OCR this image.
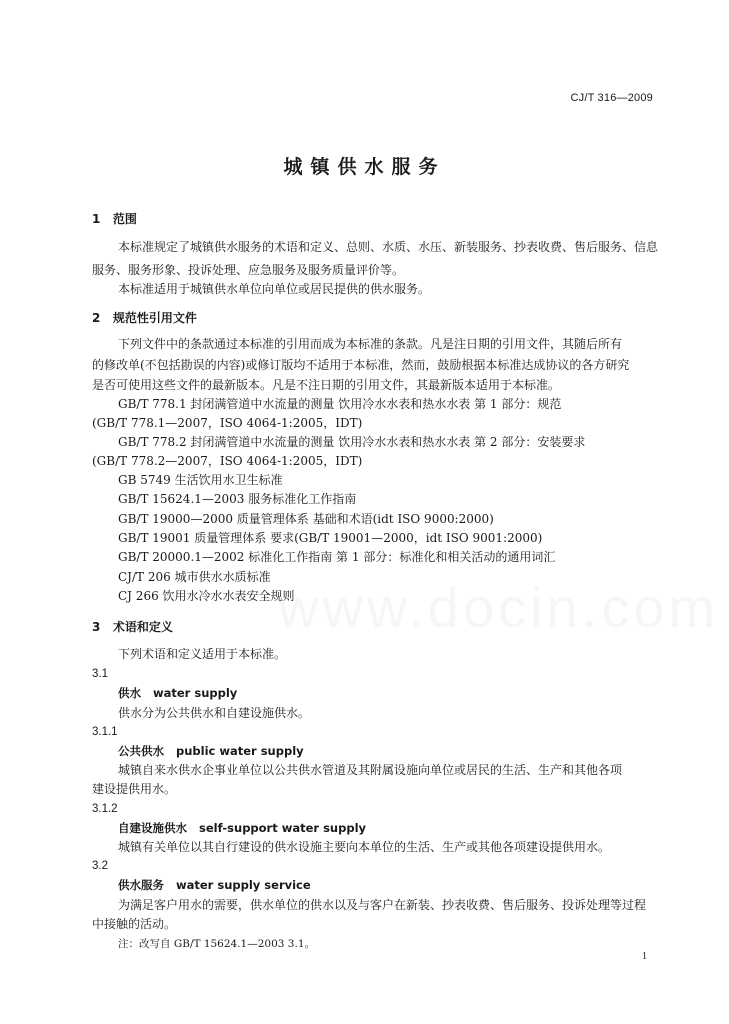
www.docin.com
CJ/T 316—2009
城镇供水服务
1 范围
本标准规定了城镇供水服务的术语和定义、总则、水质、水压、新装服务、抄表收费、售后服务、信息
服务、服务形象、投诉处理、应急服务及服务质量评价等。
本标准适用于城镇供水单位向单位或居民提供的供水服务。
2 规范性引用文件
下列文件中的条款通过本标准的引用而成为本标准的条款。凡是注日期的引用文件，其随后所有
的修改单(不包括勘误的内容)或修订版均不适用于本标准，然而，鼓励根据本标准达成协议的各方研究
是否可使用这些文件的最新版本。凡是不注日期的引用文件，其最新版本适用于本标准。
GB/T 778.1 封闭满管道中水流量的测量 饮用冷水水表和热水水表 第 1 部分：规范
(GB/T 778.1—2007，ISO 4064-1:2005，IDT)
GB/T 778.2 封闭满管道中水流量的测量 饮用冷水水表和热水水表 第 2 部分：安装要求
(GB/T 778.2—2007，ISO 4064-1:2005，IDT)
GB 5749 生活饮用水卫生标准
GB/T 15624.1—2003 服务标准化工作指南
GB/T 19000—2000 质量管理体系 基础和术语(idt ISO 9000:2000)
GB/T 19001 质量管理体系 要求(GB/T 19001—2000，idt ISO 9001:2000)
GB/T 20000.1—2002 标准化工作指南 第 1 部分：标准化和相关活动的通用词汇
CJ/T 206 城市供水水质标准
CJ 266 饮用水冷水水表安全规则
3 术语和定义
下列术语和定义适用于本标准。
3.1
供水 water supply
供水分为公共供水和自建设施供水。
3.1.1
公共供水 public water supply
城镇自来水供水企事业单位以公共供水管道及其附属设施向单位或居民的生活、生产和其他各项
建设提供用水。
3.1.2
自建设施供水 self-support water supply
城镇有关单位以其自行建设的供水设施主要向本单位的生活、生产或其他各项建设提供用水。
3.2
供水服务 water supply service
为满足客户用水的需要，供水单位的供水以及与客户在新装、抄表收费、售后服务、投诉处理等过程
中接触的活动。
注：改写自 GB/T 15624.1—2003 3.1。
1
